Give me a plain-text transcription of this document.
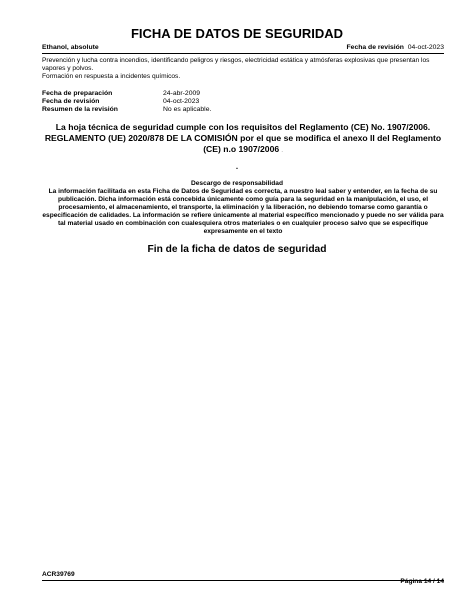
FICHA DE DATOS DE SEGURIDAD
Ethanol, absolute	Fecha de revisión 04-oct-2023
Prevención y lucha contra incendios, identificando peligros y riesgos, electricidad estática y atmósferas explosivas que presentan los vapores y polvos.
Formación en respuesta a incidentes químicos.
Fecha de preparación	24-abr-2009
Fecha de revisión	04-oct-2023
Resumen de la revisión	No es aplicable.
La hoja técnica de seguridad cumple con los requisitos del Reglamento (CE) No. 1907/2006. REGLAMENTO (UE) 2020/878 DE LA COMISIÓN por el que se modifica el anexo II del Reglamento (CE) n.o 1907/2006 .
.
Descargo de responsabilidad
La información facilitada en esta Ficha de Datos de Seguridad es correcta, a nuestro leal saber y entender, en la fecha de su publicación. Dicha información está concebida únicamente como guía para la seguridad en la manipulación, el uso, el procesamiento, el almacenamiento, el transporte, la eliminación y la liberación, no debiendo tomarse como garantía o especificación de calidades. La información se refiere únicamente al material específico mencionado y puede no ser válida para tal material usado en combinación con cualesquiera otros materiales o en cualquier proceso salvo que se especifique expresamente en el texto
Fin de la ficha de datos de seguridad
ACR39769
Página 14 / 14
